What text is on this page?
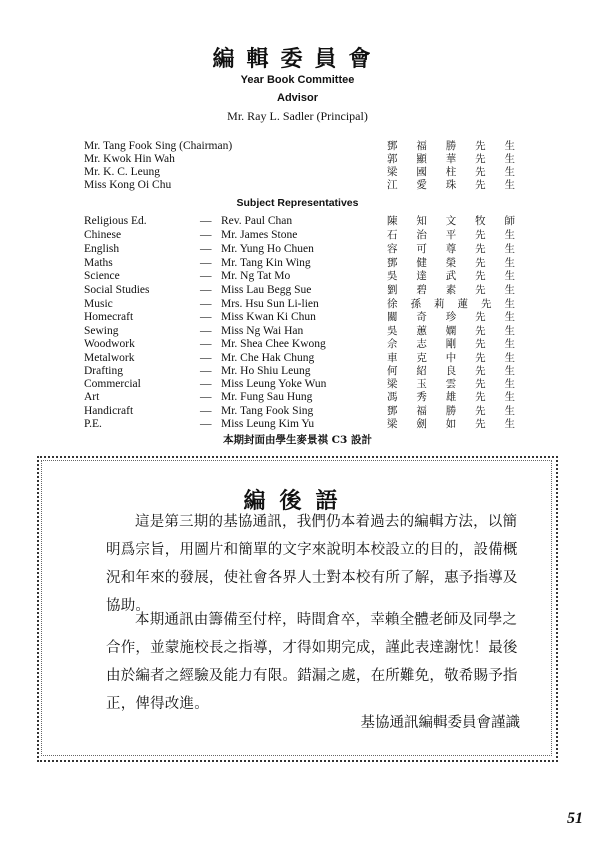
編輯委員會
Year Book Committee
Advisor
Mr. Ray L. Sadler (Principal)
Mr. Tang Fook Sing (Chairman)	鄧 福 勝 先 生
Mr. Kwok Hin Wah	郭 顯 華 先 生
Mr. K. C. Leung	梁 國 柱 先 生
Miss Kong Oi Chu	江 愛 珠 先 生
Subject Representatives
Religious Ed.	— Rev. Paul Chan	陳 知 文 牧 師
Chinese	— Mr. James Stone	石 治 平 先 生
English	— Mr. Yung Ho Chuen	容 可 尊 先 生
Maths	— Mr. Tang Kin Wing	鄧 健 榮 先 生
Science	— Mr. Ng Tat Mo	吳 達 武 先 生
Social Studies	— Miss Lau Begg Sue	劉 碧 素 先 生
Music	— Mrs. Hsu Sun Li-lien	徐 孫 莉 蓮 先 生
Homecraft	— Miss Kwan Ki Chun	關 奇 珍 先 生
Sewing	— Miss Ng Wai Han	吳 蕙 嫻 先 生
Woodwork	— Mr. Shea Chee Kwong	佘 志 剛 先 生
Metalwork	— Mr. Che Hak Chung	車 克 中 先 生
Drafting	— Mr. Ho Shiu Leung	何 紹 良 先 生
Commercial	— Miss Leung Yoke Wun	梁 玉 雲 先 生
Art	— Mr. Fung Sau Hung	馮 秀 雄 先 生
Handicraft	— Mr. Tang Fook Sing	鄧 福 勝 先 生
P.E.	— Miss Leung Kim Yu	梁 劍 如 先 生
本期封面由學生麥景祺 C3 設計
編後語

這是第三期的基協通訊，我們仍本着過去的編輯方法，以簡明爲宗旨，用圖片和簡單的文字來說明本校設立的目的，設備概況和年來的發展，使社會各界人士對本校有所了解，惠予指導及協助。

本期通訊由籌備至付梓，時間倉卒，幸賴全體老師及同學之合作，並蒙施校長之指導，才得如期完成，謹此表達謝忱！最後由於編者之經驗及能力有限。錯漏之處，在所難免，敬希賜予指正，俾得改進。

基協通訊編輯委員會謹識
51
